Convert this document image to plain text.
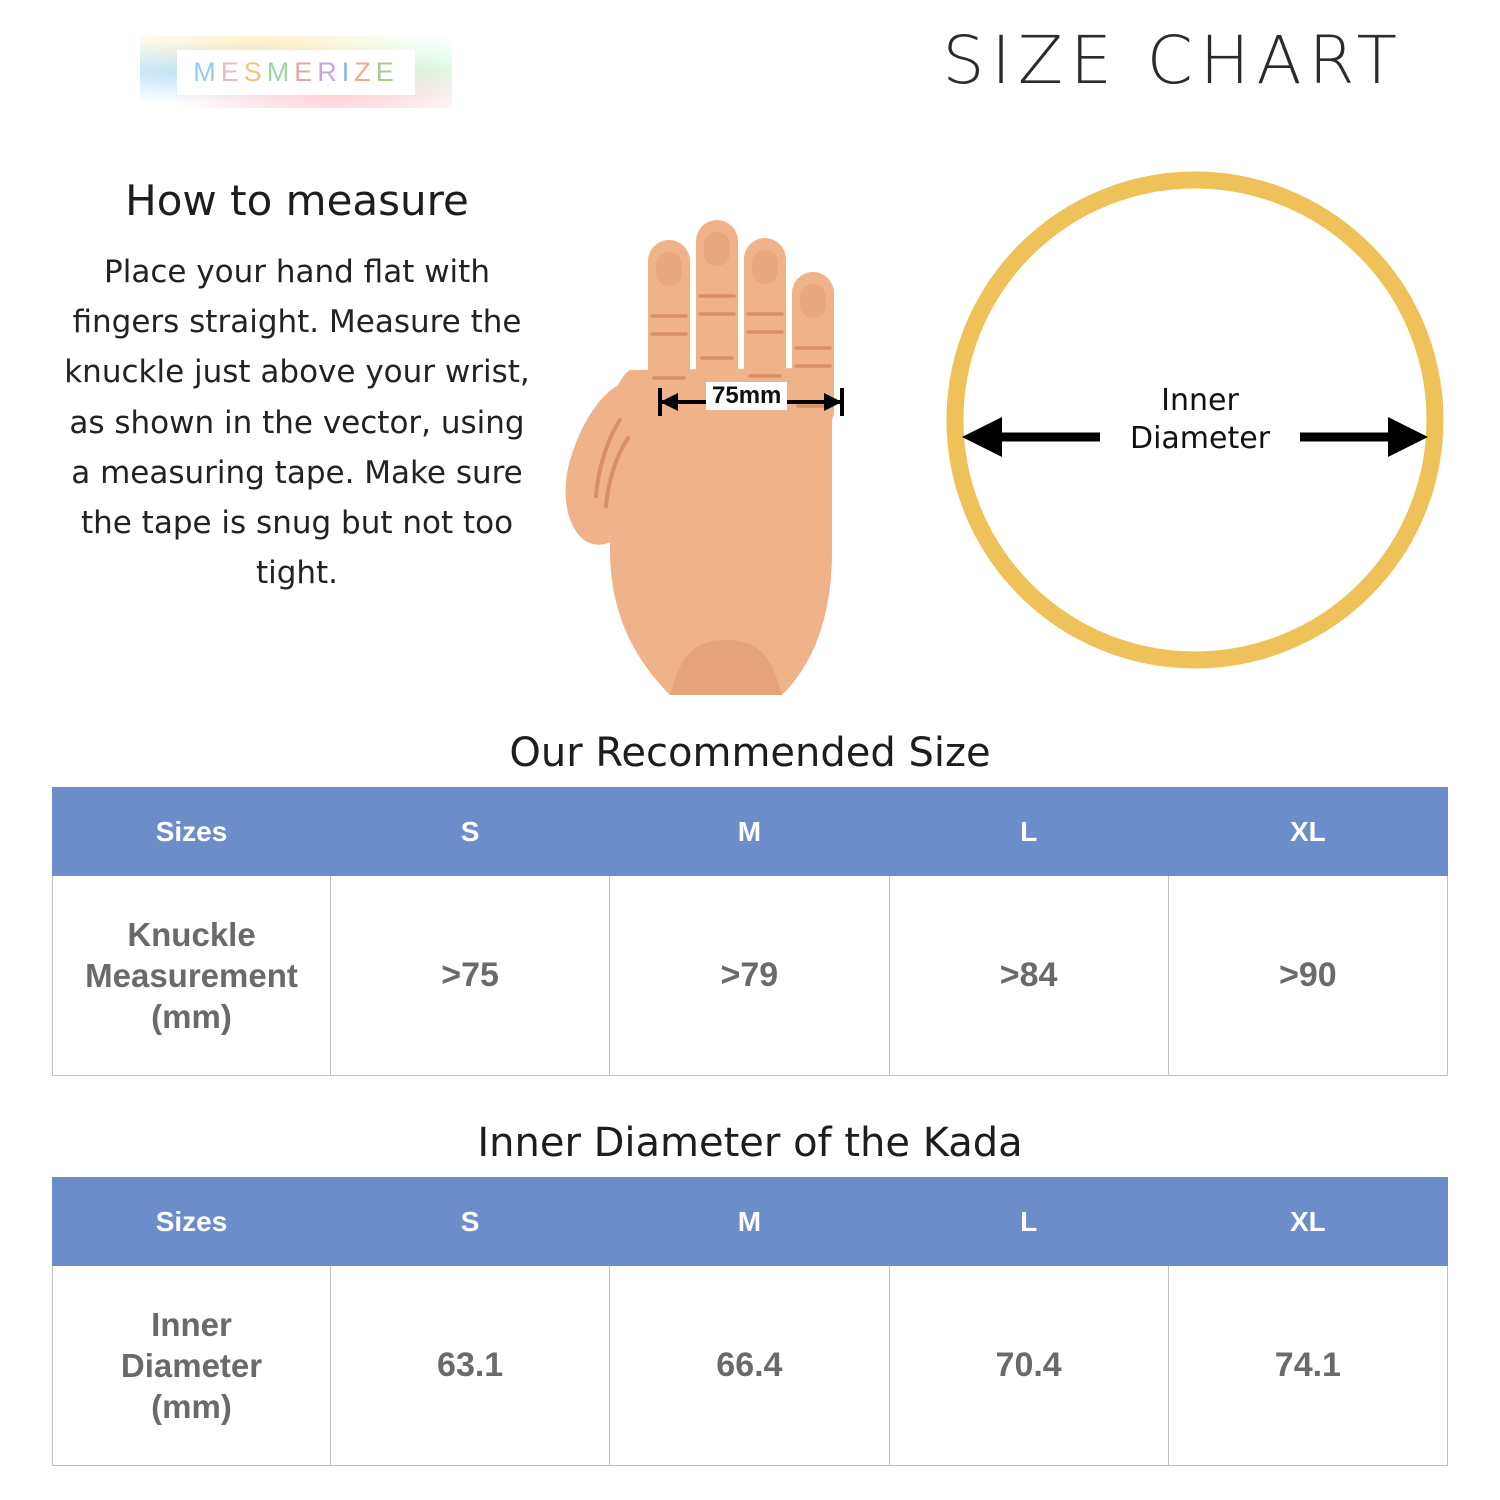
MESMERIZE	SIZE CHART
How to measure

Place your hand flat with fingers straight. Measure the knuckle just above your wrist, as shown in the vector, using a measuring tape. Make sure the tape is snug but not too tight.

75mm	Inner
Diameter
Our Recommended Size
Sizes	S	M	L	XL

Knuckle
Measurement
(mm)	>75	>79	>84	>90
Inner Diameter of the Kada
Sizes	S	M	L	XL

Inner
Diameter
(mm)	63.1	66.4	70.4	74.1
